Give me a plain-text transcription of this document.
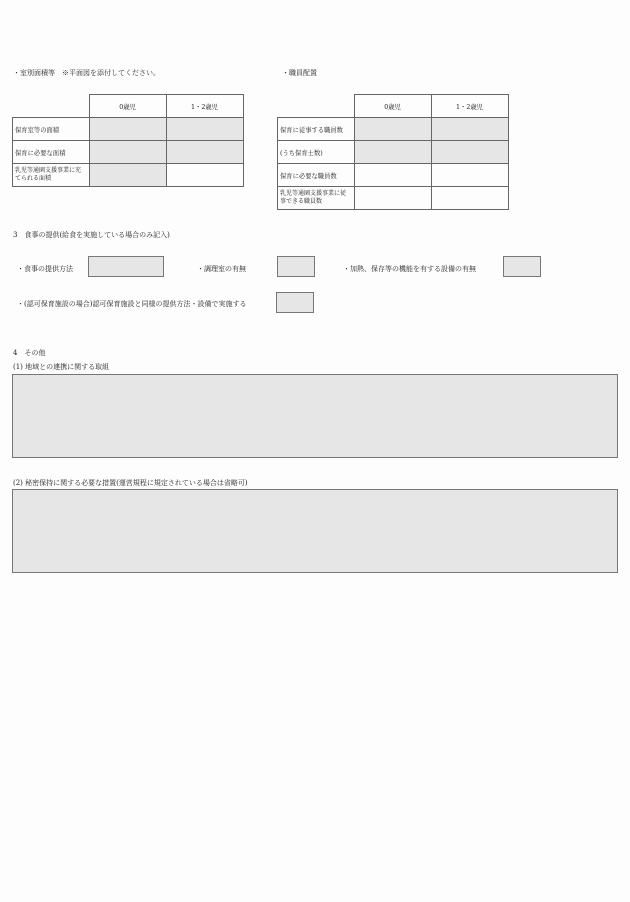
・室別面積等　※平面図を添付してください。
	0歳児	1・2歳児
保育室等の面積		
保育に必要な面積		
乳児等通園支援事業に充てられる面積		
・職員配置
	0歳児	1・2歳児
保育に従事する職員数		
(うち保育士数)		
保育に必要な職員数		
乳児等通園支援事業に従事できる職員数		
3　食事の提供(給食を実施している場合のみ記入)
・食事の提供方法	・調理室の有無	・加熱、保存等の機能を有する設備の有無
・(認可保育施設の場合)認可保育施設と同様の提供方法・設備で実施する
4　その他
(1) 地域との連携に関する取組
(2) 秘密保持に関する必要な措置(運営規程に規定されている場合は省略可)
